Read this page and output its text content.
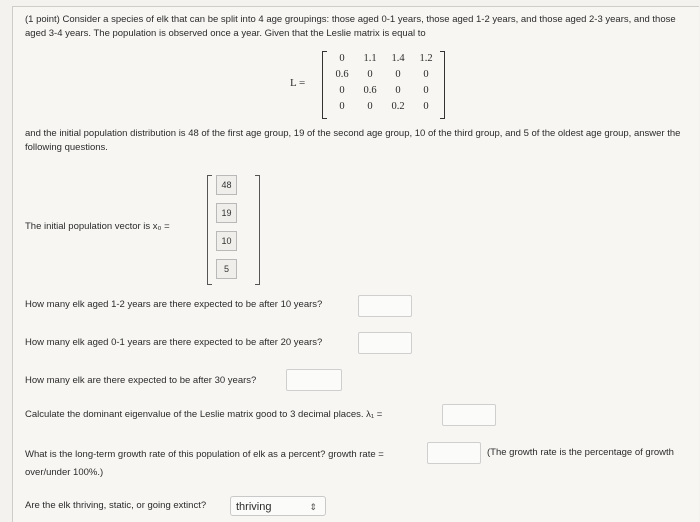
(1 point) Consider a species of elk that can be split into 4 age groupings: those aged 0-1 years, those aged 1-2 years, and those aged 2-3 years, and those aged 3-4 years. The population is observed once a year. Given that the Leslie matrix is equal to
L =
0	1.1	1.4	1.2
0.6	0	0	0
0	0.6	0	0
0	0	0.2	0
and the initial population distribution is 48 of the first age group, 19 of the second age group, 10 of the third group, and 5 of the oldest age group, answer the following questions.
The initial population vector is x₀ =
48
19
10
5
How many elk aged 1-2 years are there expected to be after 10 years?
How many elk aged 0-1 years are there expected to be after 20 years?
How many elk are there expected to be after 30 years?
Calculate the dominant eigenvalue of the Leslie matrix good to 3 decimal places. λ₁ =
What is the long-term growth rate of this population of elk as a percent? growth rate =	(The growth rate is the percentage of growth
over/under 100%.)
Are the elk thriving, static, or going extinct?	thriving	⇕
